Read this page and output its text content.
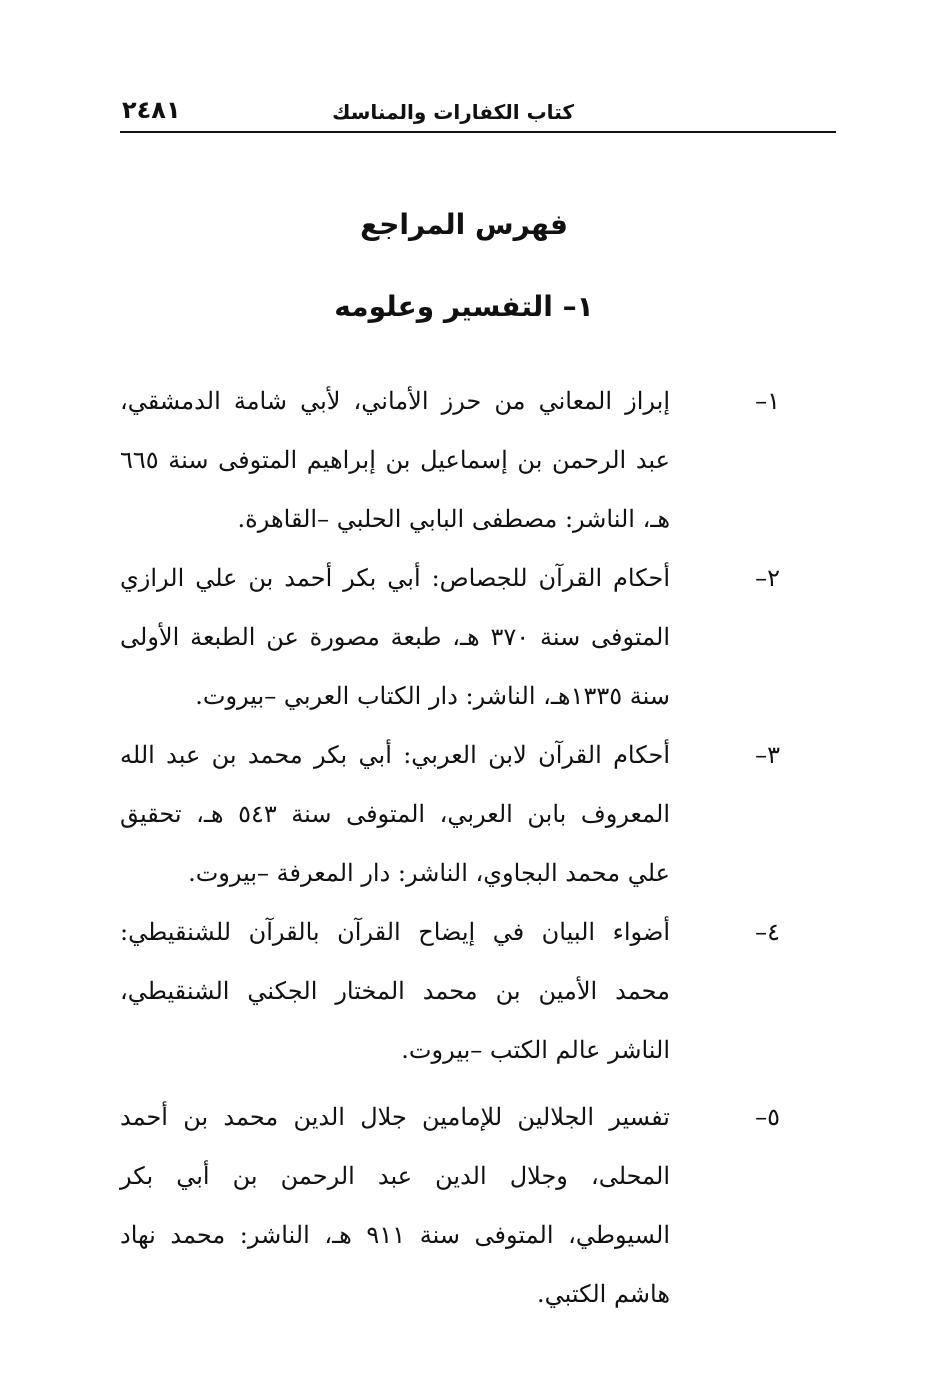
كتاب الكفارات والمناسك
٢٤٨١
فهرس المراجع
١– التفسير وعلومه
١–
إبراز المعاني من حرز الأماني، لأبي شامة الدمشقي، عبد الرحمن بن إسماعيل بن إبراهيم المتوفى سنة ٦٦٥ هـ، الناشر: مصطفى البابي الحلبي –القاهرة.
٢–
أحكام القرآن للجصاص: أبي بكر أحمد بن علي الرازي المتوفى سنة ٣٧٠ هـ، طبعة مصورة عن الطبعة الأولى سنة ١٣٣٥هـ، الناشر: دار الكتاب العربي –بيروت.
٣–
أحكام القرآن لابن العربي: أبي بكر محمد بن عبد الله المعروف بابن العربي، المتوفى سنة ٥٤٣ هـ، تحقيق علي محمد البجاوي، الناشر: دار المعرفة –بيروت.
٤–
أضواء البيان في إيضاح القرآن بالقرآن للشنقيطي: محمد الأمين بن محمد المختار الجكني الشنقيطي، الناشر عالم الكتب –بيروت.
٥–
تفسير الجلالين للإمامين جلال الدين محمد بن أحمد المحلى، وجلال الدين عبد الرحمن بن أبي بكر السيوطي، المتوفى سنة ٩١١ هـ، الناشر: محمد نهاد هاشم الكتبي.
